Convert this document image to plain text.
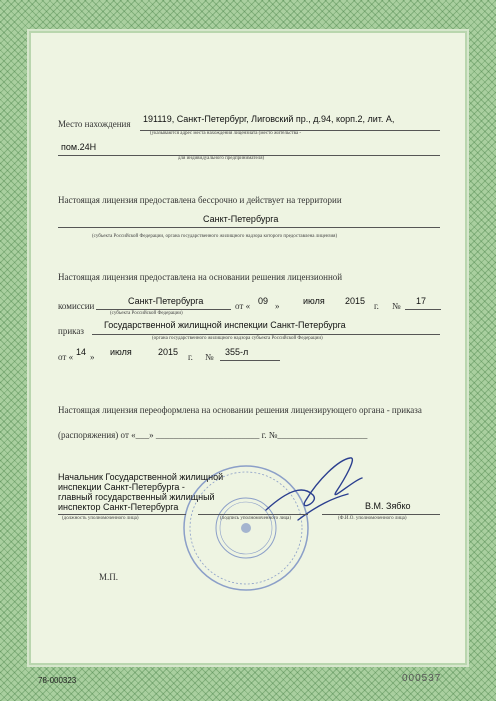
Место нахождения 191119, Санкт-Петербург, Лиговский пр., д.94, корп.2, лит. А,
(указываются адрес места нахождения лицензиата (место жительства -
пом.24Н
для индивидуального предпринимателя)
Настоящая лицензия предоставлена бессрочно и действует на территории
Санкт-Петербурга
(субъекта Российской Федерации, органа государственного жилищного надзора которого предоставлена лицензия)
Настоящая лицензия предоставлена на основании решения лицензионной
комиссии	Санкт-Петербурга
(субъекта Российской Федерации)
от « 09 »	июля 2015 г. № 17
приказ
Государственной жилищной инспекции Санкт-Петербурга
(органа государственного жилищного надзора субъекта Российской Федерации)
от « 14 » июля	2015 г. № 355-л
Настоящая лицензия переоформлена на основании решения лицензирующего органа - приказа
(распоряжения) от «___» _______________________ г. №____________________
Начальник Государственной жилищной
инспекции Санкт-Петербурга -
главный государственный жилищный
инспектор Санкт-Петербурга
(должность уполномоченного лица)	(подпись уполномоченного лица)
В.М. Зябко
(Ф.И.О. уполномоченного лица)
М.П.
78-000323	000537
